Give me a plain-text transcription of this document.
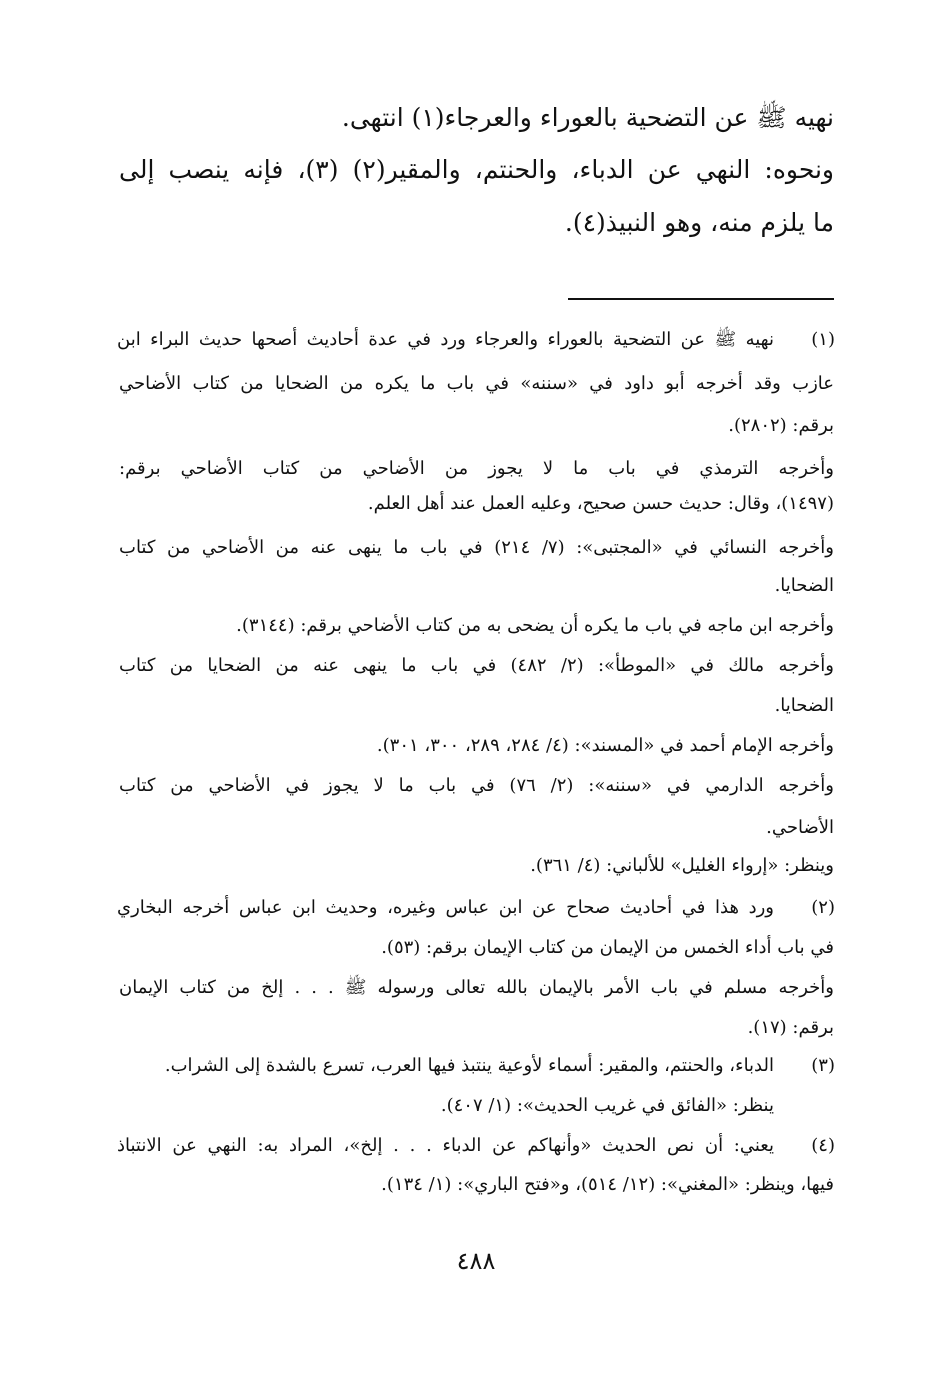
نهيه ﷺ عن التضحية بالعوراء والعرجاء(١) انتهى.
ونحوه: النهي عن الدباء، والحنتم، والمقير(٢) (٣)، فإنه ينصب إلى
ما يلزم منه، وهو النبيذ(٤).
(١)
نهيه ﷺ عن التضحية بالعوراء والعرجاء ورد في عدة أحاديث أصحها حديث البراء ابن
عازب وقد أخرجه أبو داود في «سننه» في باب ما يكره من الضحايا من كتاب الأضاحي
برقم: (٢٨٠٢).
وأخرجه الترمذي في باب ما لا يجوز من الأضاحي من كتاب الأضاحي برقم:
(١٤٩٧)، وقال: حديث حسن صحيح، وعليه العمل عند أهل العلم.
وأخرجه النسائي في «المجتبى»: (٧/ ٢١٤) في باب ما ينهى عنه من الأضاحي من كتاب
الضحايا.
وأخرجه ابن ماجه في باب ما يكره أن يضحى به من كتاب الأضاحي برقم: (٣١٤٤).
وأخرجه مالك في «الموطأ»: (٢/ ٤٨٢) في باب ما ينهى عنه من الضحايا من كتاب
الضحايا.
وأخرجه الإمام أحمد في «المسند»: (٤/ ٢٨٤، ٢٨٩، ٣٠٠، ٣٠١).
وأخرجه الدارمي في «سننه»: (٢/ ٧٦) في باب ما لا يجوز في الأضاحي من كتاب
الأضاحي.
وينظر: «إرواء الغليل» للألباني: (٤/ ٣٦١).
(٢)
ورد هذا في أحاديث صحاح عن ابن عباس وغيره، وحديث ابن عباس أخرجه البخاري
في باب أداء الخمس من الإيمان من كتاب الإيمان برقم: (٥٣).
وأخرجه مسلم في باب الأمر بالإيمان بالله تعالى ورسوله ﷺ . . . إلخ من كتاب الإيمان
برقم: (١٧).
(٣)
الدباء، والحنتم، والمقير: أسماء لأوعية ينتبذ فيها العرب، تسرع بالشدة إلى الشراب.
ينظر: «الفائق في غريب الحديث»: (١/ ٤٠٧).
(٤)
يعني: أن نص الحديث «وأنهاكم عن الدباء . . . إلخ»، المراد به: النهي عن الانتباذ
فيها، وينظر: «المغني»: (١٢/ ٥١٤)، و«فتح الباري»: (١/ ١٣٤).
٤٨٨
